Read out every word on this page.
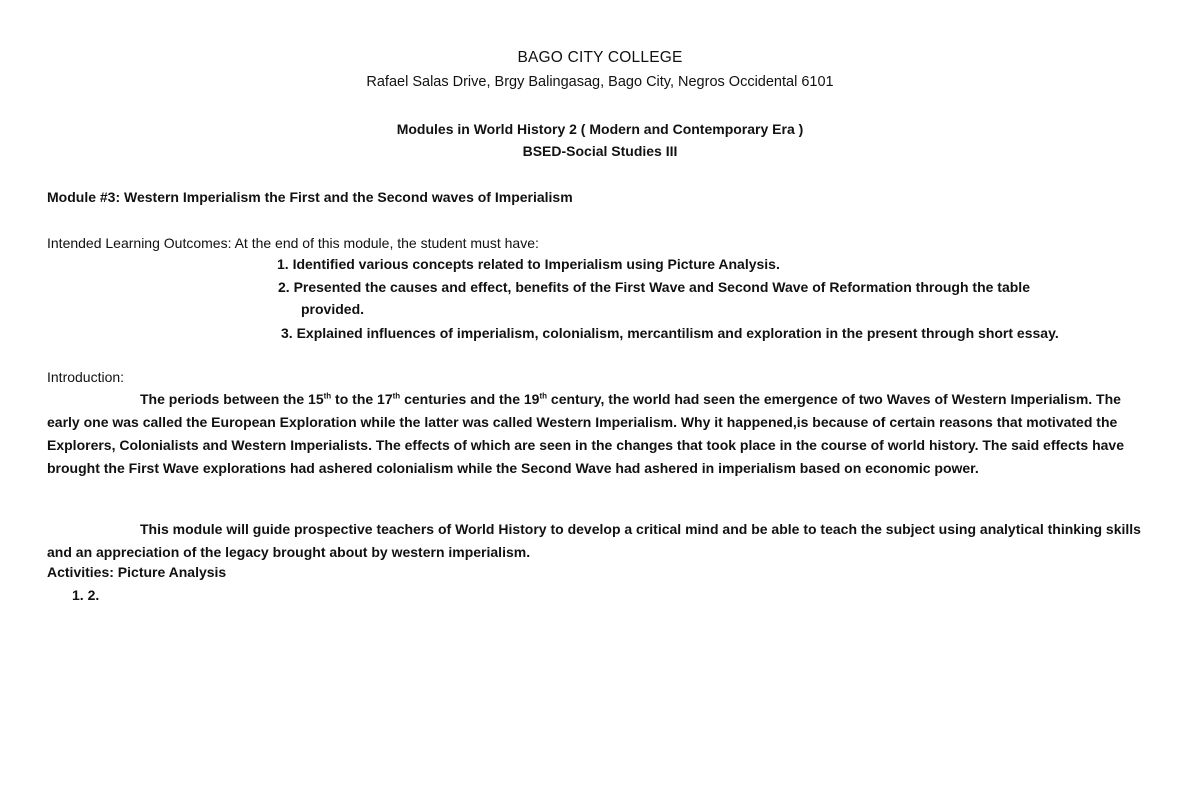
BAGO CITY COLLEGE
Rafael Salas Drive, Brgy Balingasag, Bago City, Negros Occidental 6101
Modules in World History 2 ( Modern and Contemporary Era )
BSED-Social Studies III
Module #3: Western Imperialism the First and the Second waves of Imperialism
Intended Learning Outcomes: At the end of this module, the student must have:
1. Identified various concepts related to Imperialism using Picture Analysis.
2. Presented the causes and effect, benefits of the First Wave and Second Wave of Reformation through the table
provided.
3. Explained influences of imperialism, colonialism, mercantilism and exploration in the present through short essay.
Introduction:
The periods between the 15th to the 17th centuries and the 19th century, the world had seen the emergence of two Waves of Western Imperialism. The early one was called the European Exploration while the latter was called Western Imperialism. Why it happened,is because of certain reasons that motivated the Explorers, Colonialists and Western Imperialists. The effects of which are seen in the changes that took place in the course of world history. The said effects have brought the First Wave explorations had ashered colonialism while the Second Wave had ashered in imperialism based on economic power.
This module will guide prospective teachers of World History to develop a critical mind and be able to teach the subject using analytical thinking skills and an appreciation of the legacy brought about by western imperialism.
Activities: Picture Analysis
1. 2.
